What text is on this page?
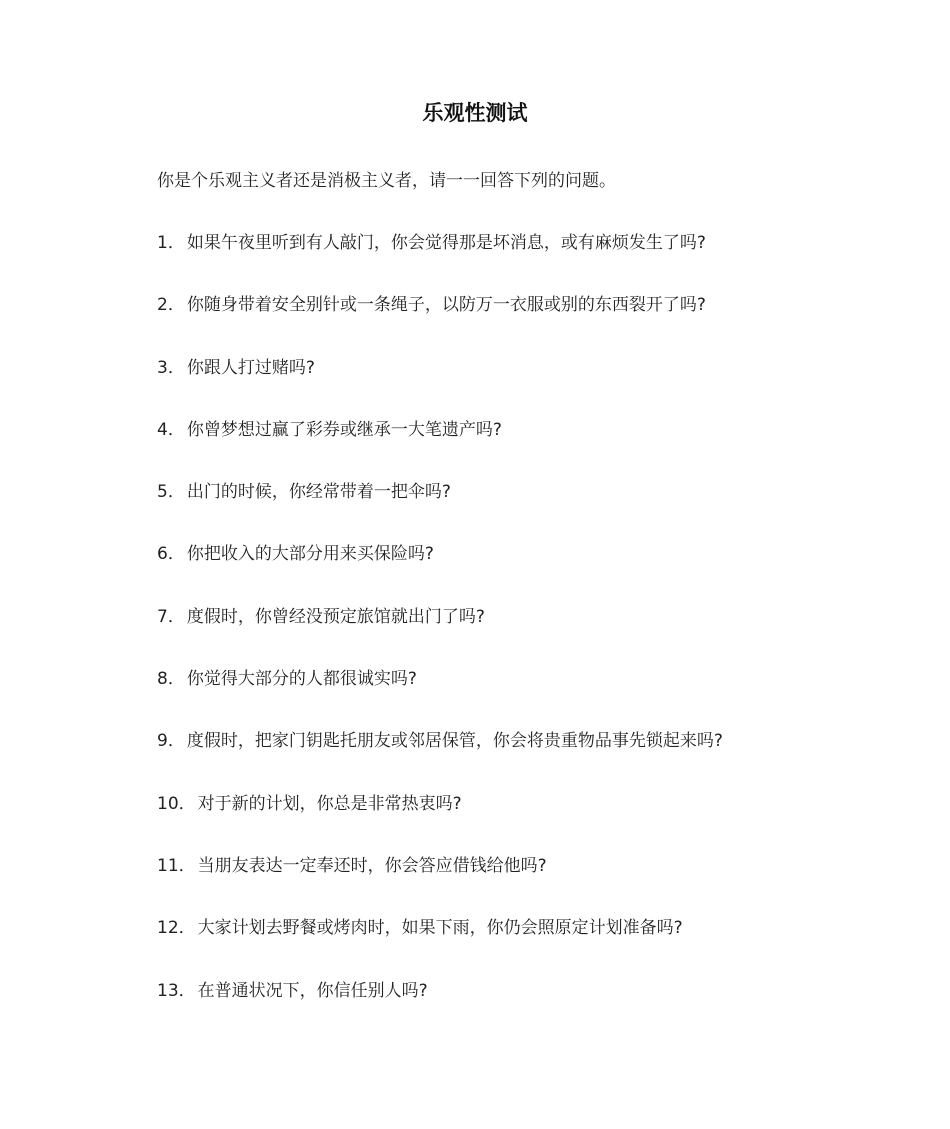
乐观性测试

你是个乐观主义者还是消极主义者，请一一回答下列的问题。

1． 如果午夜里听到有人敲门，你会觉得那是坏消息，或有麻烦发生了吗?
2． 你随身带着安全别针或一条绳子，以防万一衣服或别的东西裂开了吗?
3． 你跟人打过赌吗?
4． 你曾梦想过赢了彩券或继承一大笔遗产吗?
5． 出门的时候，你经常带着一把伞吗?
6． 你把收入的大部分用来买保险吗?
7． 度假时，你曾经没预定旅馆就出门了吗?
8． 你觉得大部分的人都很诚实吗?
9． 度假时，把家门钥匙托朋友或邻居保管，你会将贵重物品事先锁起来吗?
10． 对于新的计划，你总是非常热衷吗?
11． 当朋友表达一定奉还时，你会答应借钱给他吗?
12． 大家计划去野餐或烤肉时，如果下雨，你仍会照原定计划准备吗?
13． 在普通状况下，你信任别人吗?
